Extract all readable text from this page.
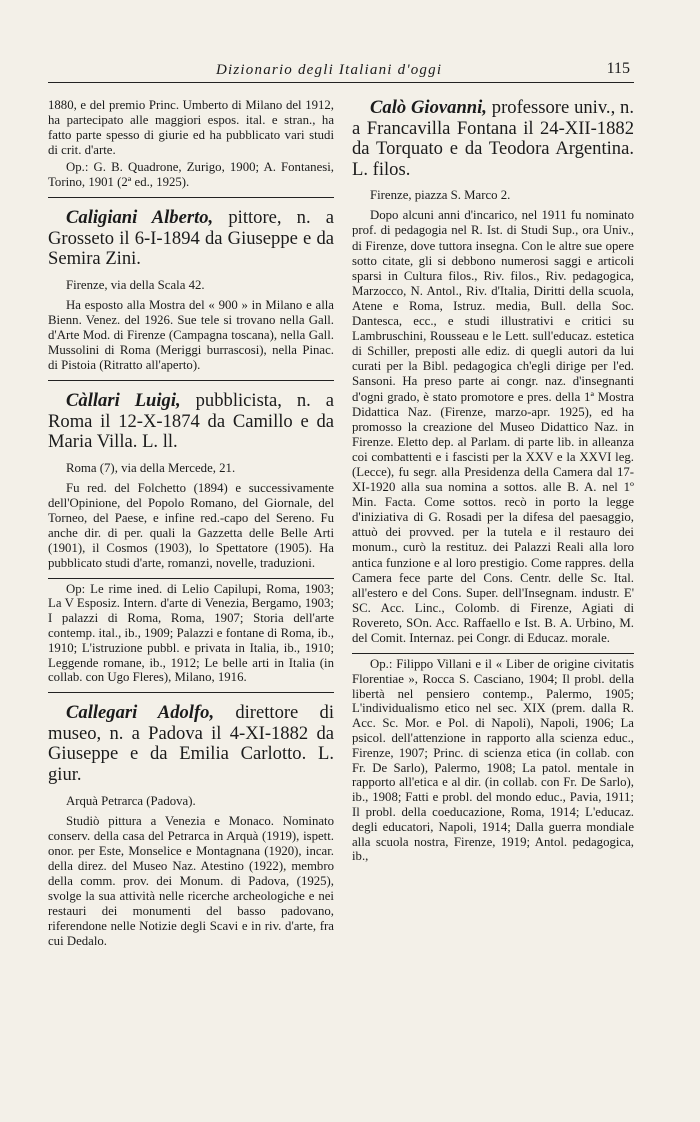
Dizionario degli Italiani d'oggi	115

1880, e del premio Princ. Umberto di Milano del 1912, ha partecipato alle maggiori espos. ital. e stran., ha fatto parte spesso di giurie ed ha pubblicato vari studi di crit. d'arte.

Op.: G. B. Quadrone, Zurigo, 1900; A. Fontanesi, Torino, 1901 (2ª ed., 1925).

Caligiani Alberto, pittore, n. a Grosseto il 6-I-1894 da Giuseppe e da Semira Zini.

Firenze, via della Scala 42.

Ha esposto alla Mostra del « 900 » in Milano e alla Bienn. Venez. del 1926. Sue tele si trovano nella Gall. d'Arte Mod. di Firenze (Campagna toscana), nella Gall. Mussolini di Roma (Meriggi burrascosi), nella Pinac. di Pistoia (Ritratto all'aperto).

Càllari Luigi, pubblicista, n. a Roma il 12-X-1874 da Camillo e da Maria Villa. L. ll.

Roma (7), via della Mercede, 21.

Fu red. del Folchetto (1894) e successivamente dell'Opinione, del Popolo Romano, del Giornale, del Torneo, del Paese, e infine red.-capo del Sereno. Fu anche dir. di per. quali la Gazzetta delle Belle Arti (1901), il Cosmos (1903), lo Spettatore (1905). Ha pubblicato studi d'arte, romanzi, novelle, traduzioni.

Op: Le rime ined. di Lelio Capilupi, Roma, 1903; La V Esposiz. Intern. d'arte di Venezia, Bergamo, 1903; I palazzi di Roma, Roma, 1907; Storia dell'arte contemp. ital., ib., 1909; Palazzi e fontane di Roma, ib., 1910; L'istruzione pubbl. e privata in Italia, ib., 1910; Leggende romane, ib., 1912; Le belle arti in Italia (in collab. con Ugo Fleres), Milano, 1916.

Callegari Adolfo, direttore di museo, n. a Padova il 4-XI-1882 da Giuseppe e da Emilia Carlotto. L. giur.

Arquà Petrarca (Padova).

Studiò pittura a Venezia e Monaco. Nominato conserv. della casa del Petrarca in Arquà (1919), ispett. onor. per Este, Monselice e Montagnana (1920), incar. della direz. del Museo Naz. Atestino (1922), membro della comm. prov. dei Monum. di Padova, (1925), svolge la sua attività nelle ricerche archeologiche e nei restauri dei monumenti del basso padovano, riferendone nelle Notizie degli Scavi e in riv. d'arte, fra cui Dedalo.

Calò Giovanni, professore univ., n. a Francavilla Fontana il 24-XII-1882 da Torquato e da Teodora Argentina. L. filos.

Firenze, piazza S. Marco 2.

Dopo alcuni anni d'incarico, nel 1911 fu nominato prof. di pedagogia nel R. Ist. di Studi Sup., ora Univ., di Firenze, dove tuttora insegna. Con le altre sue opere sotto citate, gli si debbono numerosi saggi e articoli sparsi in Cultura filos., Riv. filos., Riv. pedagogica, Marzocco, N. Antol., Riv. d'Italia, Diritti della scuola, Atene e Roma, Istruz. media, Bull. della Soc. Dantesca, ecc., e studi illustrativi e critici su Lambruschini, Rousseau e le Lett. sull'educaz. estetica di Schiller, preposti alle ediz. di quegli autori da lui curati per la Bibl. pedagogica ch'egli dirige per l'ed. Sansoni. Ha preso parte ai congr. naz. d'insegnanti d'ogni grado, è stato promotore e pres. della 1ª Mostra Didattica Naz. (Firenze, marzo-apr. 1925), ed ha promosso la creazione del Museo Didattico Naz. in Firenze. Eletto dep. al Parlam. di parte lib. in alleanza coi combattenti e i fascisti per la XXV e la XXVI leg. (Lecce), fu segr. alla Presidenza della Camera dal 17-XI-1920 alla sua nomina a sottos. alle B. A. nel 1º Min. Facta. Come sottos. recò in porto la legge d'iniziativa di G. Rosadi per la difesa del paesaggio, attuò dei provved. per la tutela e il restauro dei monum., curò la restituz. dei Palazzi Reali alla loro antica funzione e al loro prestigio. Come rappres. della Camera fece parte del Cons. Centr. delle Sc. Ital. all'estero e del Cons. Super. dell'Insegnam. industr. E' SC. Acc. Linc., Colomb. di Firenze, Agiati di Rovereto, SOn. Acc. Raffaello e Ist. B. A. Urbino, M. del Comit. Internaz. pei Congr. di Educaz. morale.

Op.: Filippo Villani e il « Liber de origine civitatis Florentiae », Rocca S. Casciano, 1904; Il probl. della libertà nel pensiero contemp., Palermo, 1905; L'individualismo etico nel sec. XIX (prem. dalla R. Acc. Sc. Mor. e Pol. di Napoli), Napoli, 1906; La psicol. dell'attenzione in rapporto alla scienza educ., Firenze, 1907; Princ. di scienza etica (in collab. con Fr. De Sarlo), Palermo, 1908; La patol. mentale in rapporto all'etica e al dir. (in collab. con Fr. De Sarlo), ib., 1908; Fatti e probl. del mondo educ., Pavia, 1911; Il probl. della coeducazione, Roma, 1914; L'educaz. degli educatori, Napoli, 1914; Dalla guerra mondiale alla scuola nostra, Firenze, 1919; Antol. pedagogica, ib.,
